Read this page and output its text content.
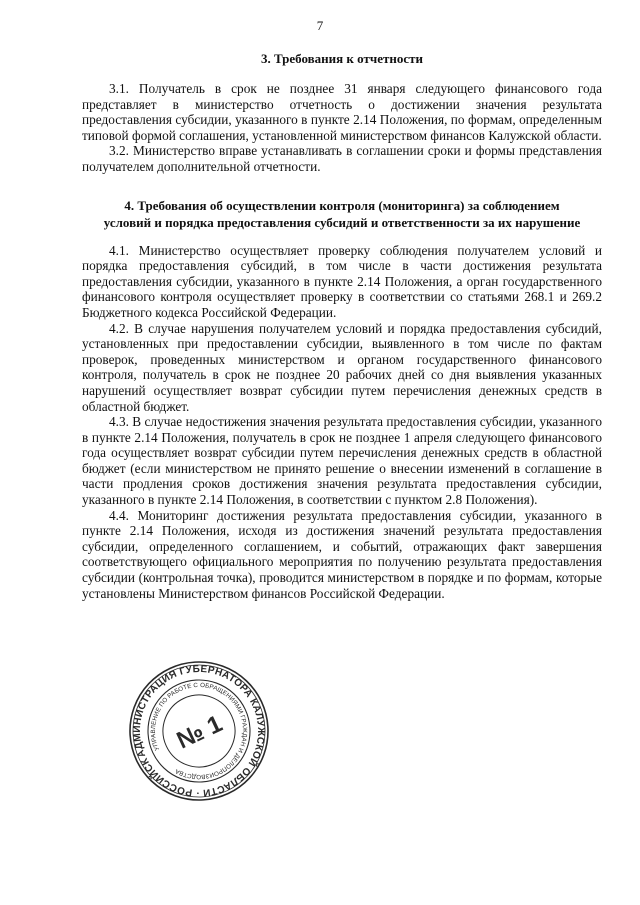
7
3. Требования к отчетности

3.1. Получатель в срок не позднее 31 января следующего финансового года представляет в министерство отчетность о достижении значения результата предоставления субсидии, указанного в пункте 2.14 Положения, по формам, определенным типовой формой соглашения, установленной министерством финансов Калужской области.

3.2. Министерство вправе устанавливать в соглашении сроки и формы представления получателем дополнительной отчетности.

4. Требования об осуществлении контроля (мониторинга) за соблюдением
условий и порядка предоставления субсидий и ответственности за их нарушение

4.1. Министерство осуществляет проверку соблюдения получателем условий и порядка предоставления субсидий, в том числе в части достижения результата предоставления субсидии, указанного в пункте 2.14 Положения, а орган государственного финансового контроля осуществляет проверку в соответствии со статьями 268.1 и 269.2 Бюджетного кодекса Российской Федерации.

4.2. В случае нарушения получателем условий и порядка предоставления субсидий, установленных при предоставлении субсидии, выявленного в том числе по фактам проверок, проведенных министерством и органом государственного финансового контроля, получатель в срок не позднее 20 рабочих дней со дня выявления указанных нарушений осуществляет возврат субсидии путем перечисления денежных средств в областной бюджет.

4.3. В случае недостижения значения результата предоставления субсидии, указанного в пункте 2.14 Положения, получатель в срок не позднее 1 апреля следующего финансового года осуществляет возврат субсидии путем перечисления денежных средств в областной бюджет (если министерством не принято решение о внесении изменений в соглашение в части продления сроков достижения значения результата предоставления субсидии, указанного в пункте 2.14 Положения, в соответствии с пунктом 2.8 Положения).

4.4. Мониторинг достижения результата предоставления субсидии, указанного в пункте 2.14 Положения, исходя из достижения значений результата предоставления субсидии, определенного соглашением, и событий, отражающих факт завершения соответствующего официального мероприятия по получению результата предоставления субсидии (контрольная точка), проводится министерством в порядке и по формам, которые установлены Министерством финансов Российской Федерации.

АДМИНИСТРАЦИЯ ГУБЕРНАТОРА КАЛУЖСКОЙ ОБЛАСТИ · РОССИЙСКАЯ
УПРАВЛЕНИЕ ПО РАБОТЕ С ОБРАЩЕНИЯМИ ГРАЖДАН И ДЕЛОПРОИЗВОДСТВА
№ 1
